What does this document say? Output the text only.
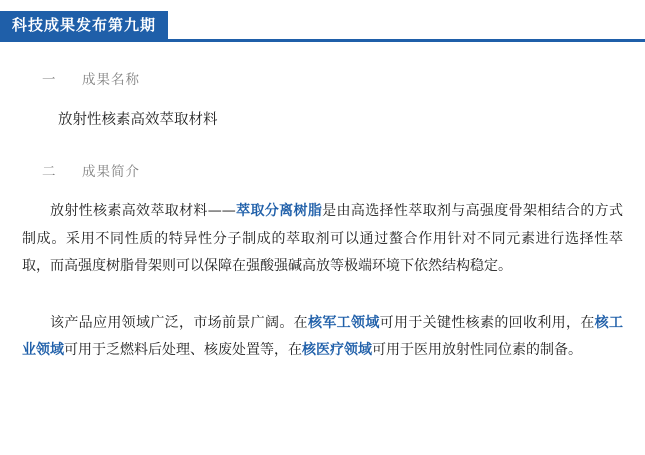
科技成果发布第九期
一	成果名称

放射性核素高效萃取材料

二	成果简介

放射性核素高效萃取材料——萃取分离树脂是由高选择性萃取剂与高强度骨架相结合的方式制成。采用不同性质的特异性分子制成的萃取剂可以通过螯合作用针对不同元素进行选择性萃取，而高强度树脂骨架则可以保障在强酸强碱高放等极端环境下依然结构稳定。

该产品应用领域广泛，市场前景广阔。在核军工领域可用于关键性核素的回收利用，在核工业领域可用于乏燃料后处理、核废处置等，在核医疗领域可用于医用放射性同位素的制备。
